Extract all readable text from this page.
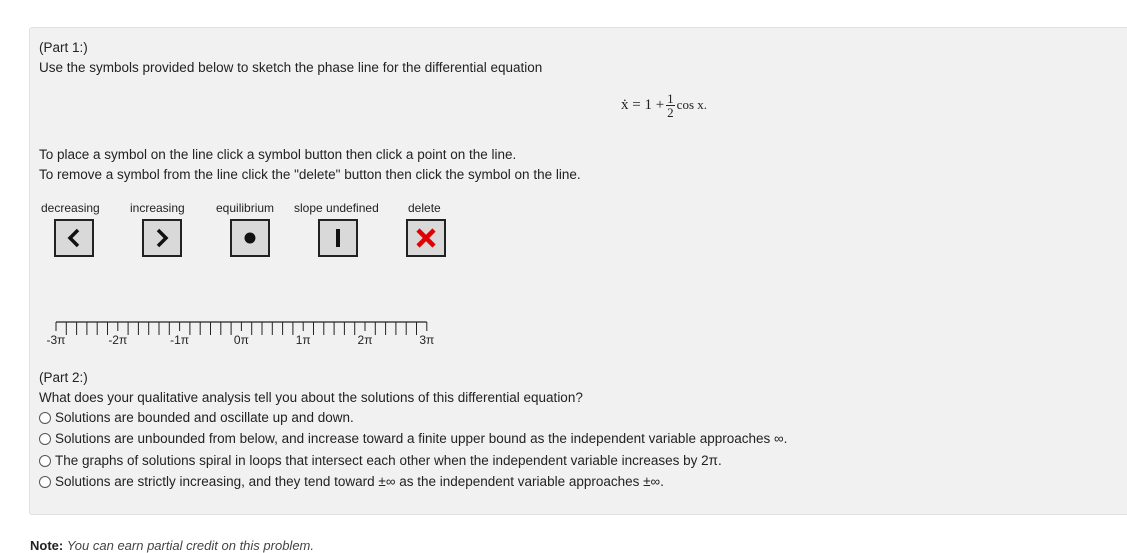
(Part 1:)
Use the symbols provided below to sketch the phase line for the differential equation
ẋ = $1 + \frac{1}{2}$ cos x.
To place a symbol on the line click a symbol button then click a point on the line.
To remove a symbol from the line click the "delete" button then click the symbol on the line.
decreasing	increasing	equilibrium slope undefined delete
-3π	-2π	-1π	0π	1π	2π	3π
(Part 2:)
What does your qualitative analysis tell you about the solutions of this differential equation?
Solutions are bounded and oscillate up and down.
Solutions are unbounded from below, and increase toward a finite upper bound as the independent variable approaches ∞.
The graphs of solutions spiral in loops that intersect each other when the independent variable increases by 2π.
Solutions are strictly increasing, and they tend toward ±∞ as the independent variable approaches ±∞.
Note: You can earn partial credit on this problem.
